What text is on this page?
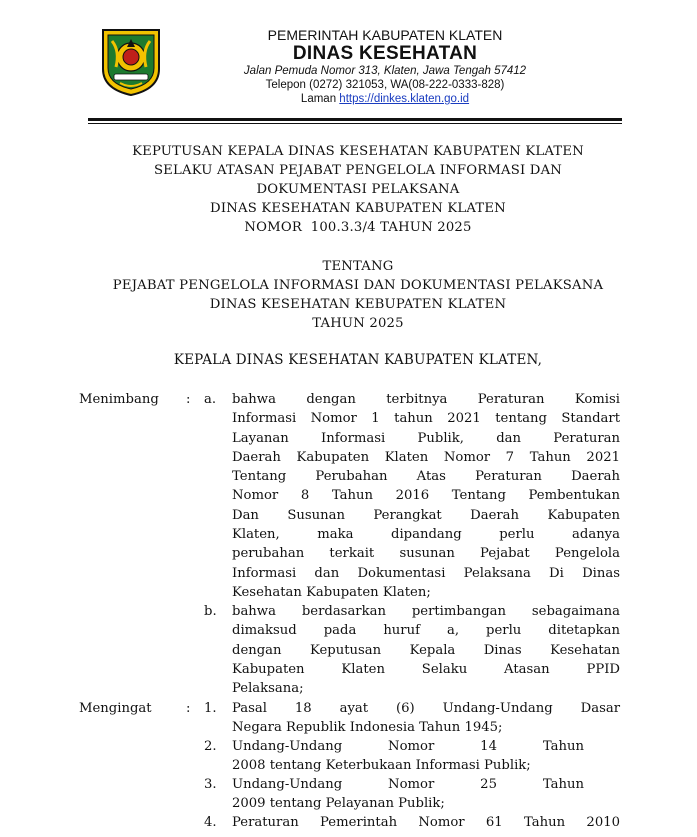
PEMERINTAH KABUPATEN KLATEN
DINAS KESEHATAN
Jalan Pemuda Nomor 313, Klaten, Jawa Tengah 57412
Telepon (0272) 321053, WA(08-222-0333-828)
Laman https://dinkes.klaten.go.id
KEPUTUSAN KEPALA DINAS KESEHATAN KABUPATEN KLATEN
SELAKU ATASAN PEJABAT PENGELOLA INFORMASI DAN
DOKUMENTASI PELAKSANA
DINAS KESEHATAN KABUPATEN KLATEN
NOMOR  100.3.3/4 TAHUN 2025
TENTANG
PEJABAT PENGELOLA INFORMASI DAN DOKUMENTASI PELAKSANA
DINAS KESEHATAN KEBUPATEN KLATEN
TAHUN 2025
KEPALA DINAS KESEHATAN KABUPATEN KLATEN,
Menimbang : a. bahwa dengan terbitnya Peraturan Komisi
Informasi Nomor 1 tahun 2021 tentang Standart
Layanan Informasi Publik, dan Peraturan
Daerah Kabupaten Klaten Nomor 7 Tahun 2021
Tentang Perubahan Atas Peraturan Daerah
Nomor 8 Tahun 2016 Tentang Pembentukan
Dan Susunan Perangkat Daerah Kabupaten
Klaten, maka dipandang perlu adanya
perubahan terkait susunan Pejabat Pengelola
Informasi dan Dokumentasi Pelaksana Di Dinas
Kesehatan Kabupaten Klaten;
b. bahwa berdasarkan pertimbangan sebagaimana
dimaksud pada huruf a, perlu ditetapkan
dengan Keputusan Kepala Dinas Kesehatan
Kabupaten Klaten Selaku Atasan PPID
Pelaksana;
Mengingat	: 1. Pasal 18 ayat (6) Undang-Undang Dasar
Negara Republik Indonesia Tahun 1945;
2. Undang-Undang Nomor 14 Tahun
2008 tentang Keterbukaan Informasi Publik;
3. Undang-Undang Nomor 25 Tahun
2009 tentang Pelayanan Publik;
4. Peraturan Pemerintah Nomor 61 Tahun 2010
